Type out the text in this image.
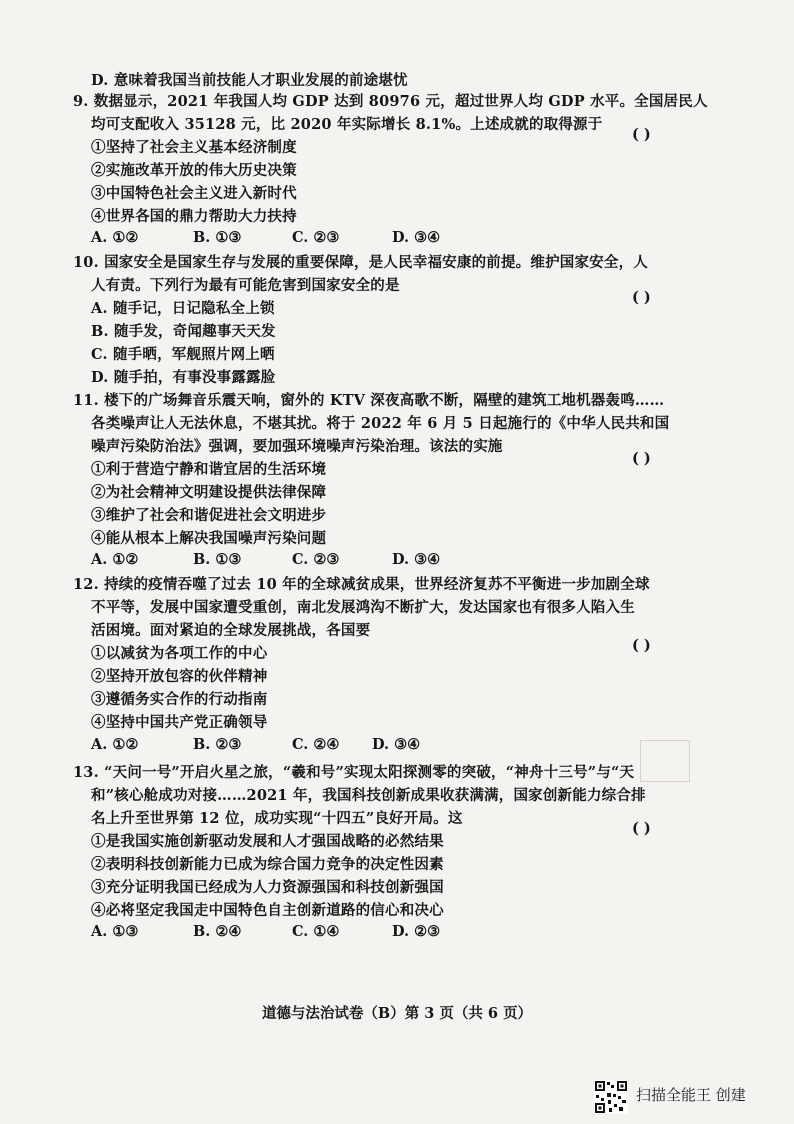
D. 意味着我国当前技能人才职业发展的前途堪忧
9. 数据显示，2021 年我国人均 GDP 达到 80976 元，超过世界人均 GDP 水平。全国居民人
均可支配收入 35128 元，比 2020 年实际增长 8.1%。上述成就的取得源于
( )
①坚持了社会主义基本经济制度
②实施改革开放的伟大历史决策
③中国特色社会主义进入新时代
④世界各国的鼎力帮助大力扶持
A. ①②	B. ①③	C. ②③	D. ③④
10. 国家安全是国家生存与发展的重要保障，是人民幸福安康的前提。维护国家安全，人
人有责。下列行为最有可能危害到国家安全的是
( )
A. 随手记，日记隐私全上锁
B. 随手发，奇闻趣事天天发
C. 随手晒，军舰照片网上晒
D. 随手拍，有事没事露露脸
11. 楼下的广场舞音乐震天响，窗外的 KTV 深夜高歌不断，隔壁的建筑工地机器轰鸣……
各类噪声让人无法休息，不堪其扰。将于 2022 年 6 月 5 日起施行的《中华人民共和国
噪声污染防治法》强调，要加强环境噪声污染治理。该法的实施
( )
①利于营造宁静和谐宜居的生活环境
②为社会精神文明建设提供法律保障
③维护了社会和谐促进社会文明进步
④能从根本上解决我国噪声污染问题
A. ①②	B. ①③	C. ②③	D. ③④
12. 持续的疫情吞噬了过去 10 年的全球减贫成果，世界经济复苏不平衡进一步加剧全球
不平等，发展中国家遭受重创，南北发展鸿沟不断扩大，发达国家也有很多人陷入生
活困境。面对紧迫的全球发展挑战，各国要
( )
①以减贫为各项工作的中心
②坚持开放包容的伙伴精神
③遵循务实合作的行动指南
④坚持中国共产党正确领导
A. ①②	B. ②③	C. ②④ D. ③④
13. “天问一号”开启火星之旅，“羲和号”实现太阳探测零的突破，“神舟十三号”与“天
和”核心舱成功对接……2021 年，我国科技创新成果收获满满，国家创新能力综合排
名上升至世界第 12 位，成功实现“十四五”良好开局。这
( )
①是我国实施创新驱动发展和人才强国战略的必然结果
②表明科技创新能力已成为综合国力竞争的决定性因素
③充分证明我国已经成为人力资源强国和科技创新强国
④必将坚定我国走中国特色自主创新道路的信心和决心
A. ①③	B. ②④	C. ①④	D. ②③
道德与法治试卷（B）第 3 页（共 6 页）
扫描全能王 创建
